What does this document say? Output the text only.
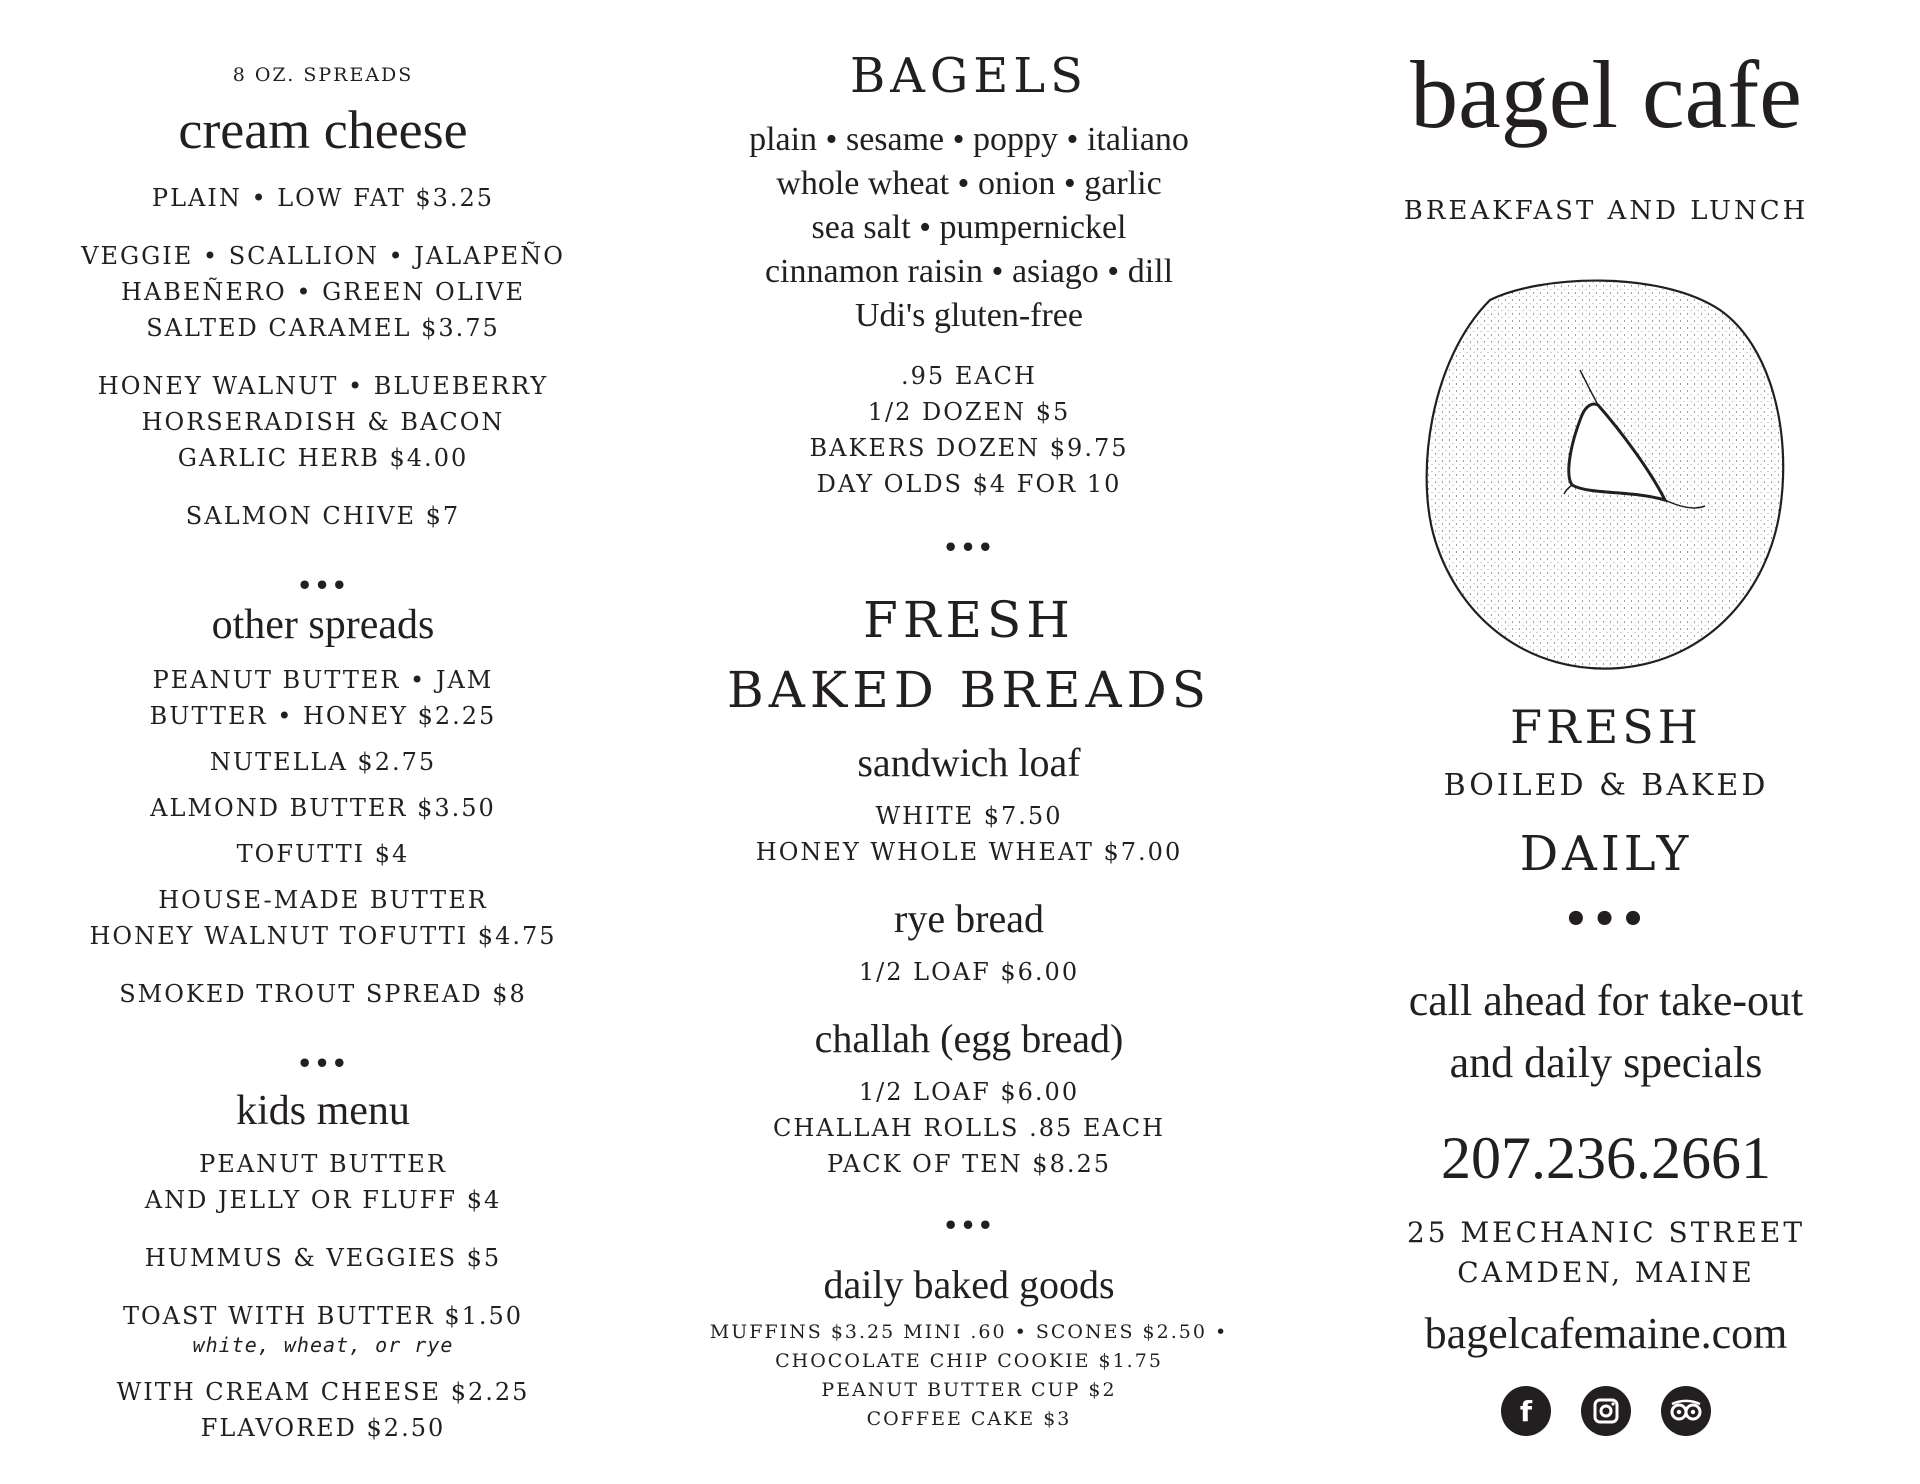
8 OZ. SPREADS
cream cheese
PLAIN • LOW FAT $3.25
VEGGIE • SCALLION • JALAPEÑO
HABEÑERO • GREEN OLIVE
SALTED CARAMEL $3.75
HONEY WALNUT • BLUEBERRY
HORSERADISH & BACON
GARLIC HERB $4.00
SALMON CHIVE $7
•••
other spreads
PEANUT BUTTER • JAM
BUTTER • HONEY $2.25
NUTELLA $2.75
ALMOND BUTTER $3.50
TOFUTTI $4
HOUSE-MADE BUTTER
HONEY WALNUT TOFUTTI $4.75
SMOKED TROUT SPREAD $8
•••
kids menu
PEANUT BUTTER
AND JELLY OR FLUFF $4
HUMMUS & VEGGIES $5
TOAST WITH BUTTER $1.50
white, wheat, or rye
WITH CREAM CHEESE $2.25
FLAVORED $2.50
BAGELS
plain • sesame • poppy • italiano
whole wheat • onion • garlic
sea salt • pumpernickel
cinnamon raisin • asiago • dill
Udi's gluten-free
.95 EACH
1/2 DOZEN $5
BAKERS DOZEN $9.75
DAY OLDS $4 FOR 10
•••
FRESH
BAKED BREADS
sandwich loaf
WHITE $7.50
HONEY WHOLE WHEAT $7.00
rye bread
1/2 LOAF $6.00
challah (egg bread)
1/2 LOAF $6.00
CHALLAH ROLLS .85 EACH
PACK OF TEN $8.25
•••
daily baked goods
MUFFINS $3.25 MINI .60 • SCONES $2.50 •
CHOCOLATE CHIP COOKIE $1.75
PEANUT BUTTER CUP $2
COFFEE CAKE $3
bagel cafe
BREAKFAST AND LUNCH
FRESH
BOILED & BAKED
DAILY
•••
call ahead for take-out
and daily specials
207.236.2661
25 MECHANIC STREET
CAMDEN, MAINE
bagelcafemaine.com
f
